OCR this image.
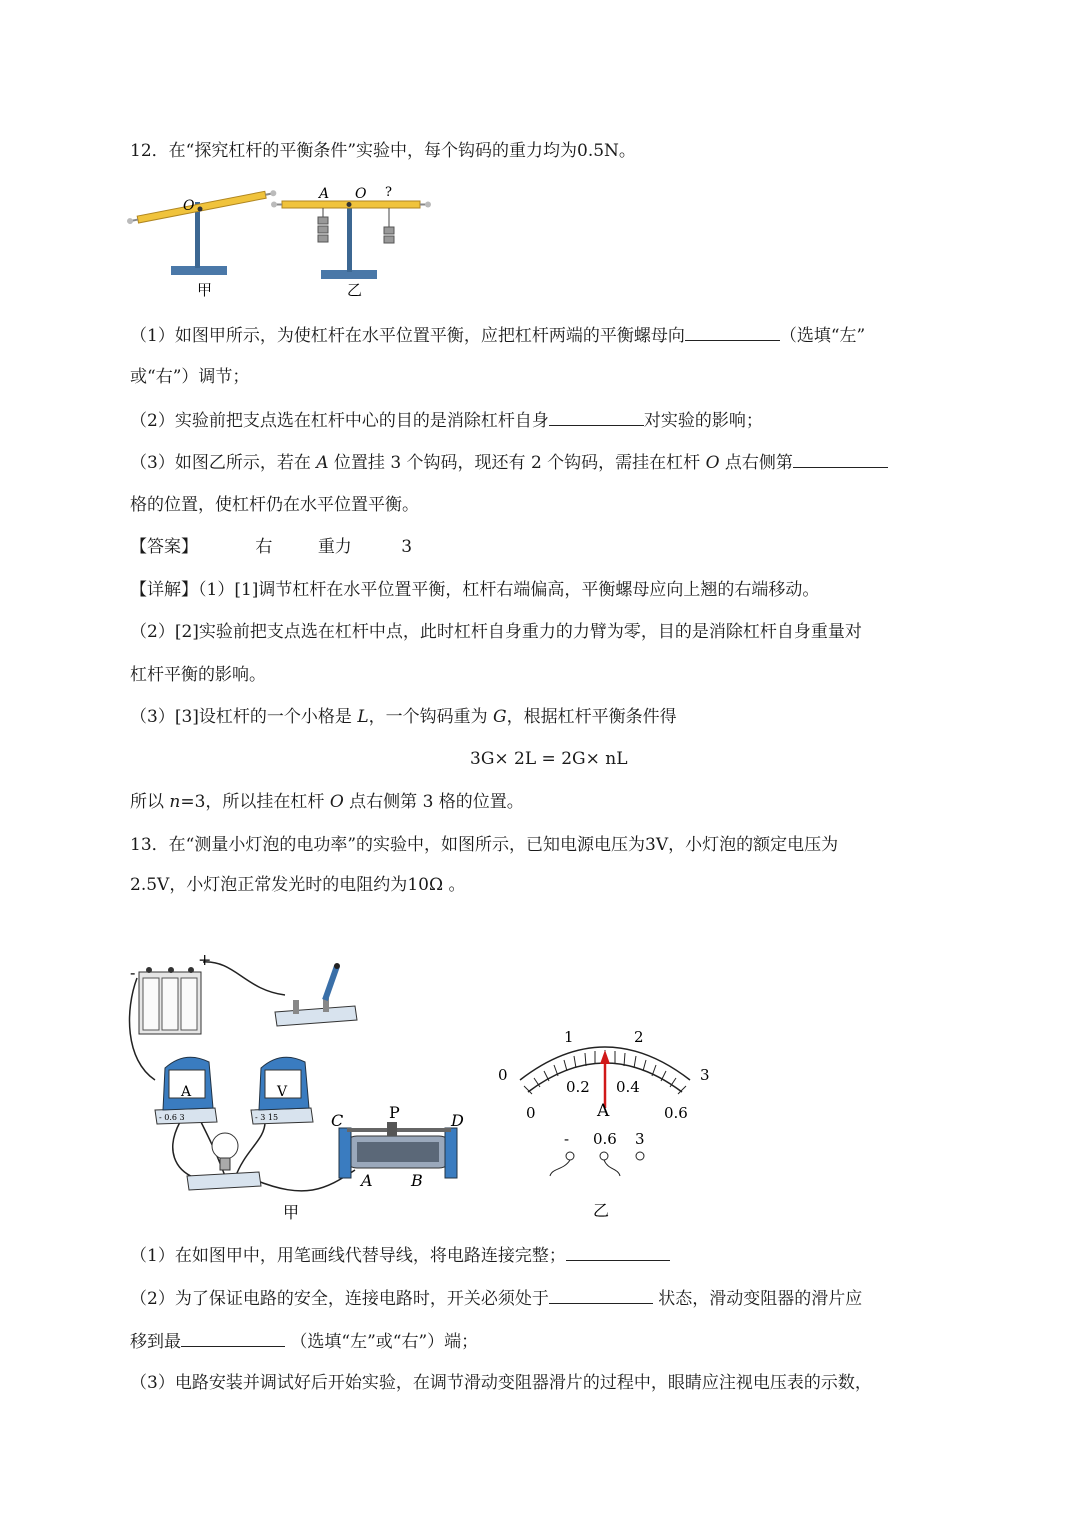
12．在“探究杠杆的平衡条件”实验中，每个钩码的重力均为0.5N。
O
甲
A O ?
乙
（1）如图甲所示，为使杠杆在水平位置平衡，应把杠杆两端的平衡螺母向	（选填“左”
或“右”）调节；
（2）实验前把支点选在杠杆中心的目的是消除杠杆自身	对实验的影响；
（3）如图乙所示，若在 A 位置挂 3 个钩码，现还有 2 个钩码，需挂在杠杆 O 点右侧第
格的位置，使杠杆仍在水平位置平衡。
【答案】	右	重力	3
【详解】（1）[1]调节杠杆在水平位置平衡，杠杆右端偏高，平衡螺母应向上翘的右端移动。
（2）[2]实验前把支点选在杠杆中点，此时杠杆自身重力的力臂为零，目的是消除杠杆自身重量对
杠杆平衡的影响。
（3）[3]设杠杆的一个小格是 L，一个钩码重为 G，根据杠杆平衡条件得
3G× 2L = 2G× nL
所以 n=3，所以挂在杠杆 O 点右侧第 3 格的位置。
13．在“测量小灯泡的电功率”的实验中，如图所示，已知电源电压为3V，小灯泡的额定电压为
2.5V，小灯泡正常发光时的电阻约为10Ω 。
-
+
A
- 0.6 3
V
- 3 15	C	P	D
A B
甲
0
1	2
3
0
0.2 0.4
0.6
A
- 0.6 3
乙
（1）在如图甲中，用笔画线代替导线，将电路连接完整；
（2）为了保证电路的安全，连接电路时，开关必须处于	状态，滑动变阻器的滑片应
移到最	（选填“左”或“右”）端；
（3）电路安装并调试好后开始实验，在调节滑动变阻器滑片的过程中，眼睛应注视电压表的示数，
